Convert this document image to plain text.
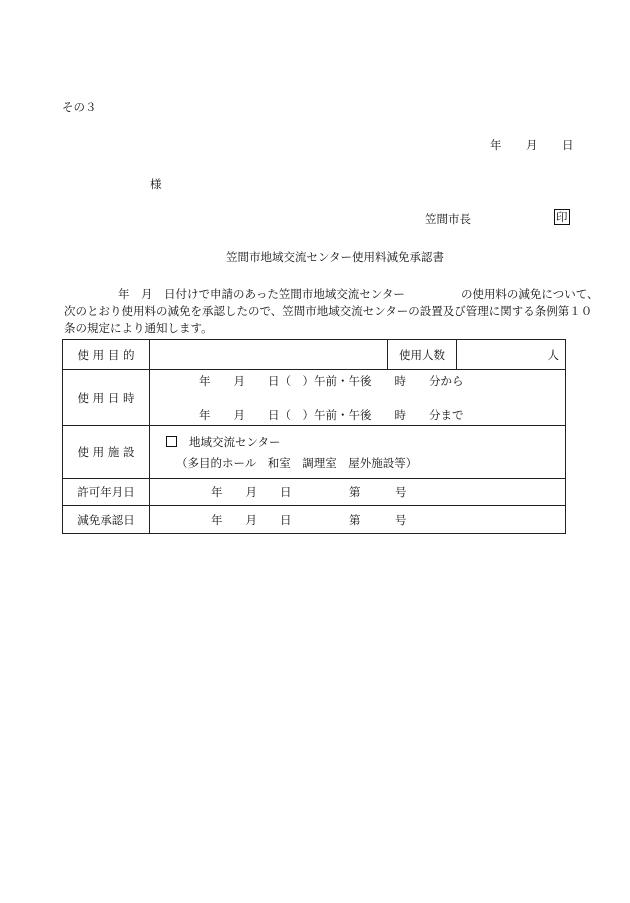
その３
年　　月　　日
様
笠間市長	印
笠間市地域交流センター使用料減免承認書
年　月　日付けで申請のあった笠間市地域交流センター	の使用料の減免について、
次のとおり使用料の減免を承認したので、笠間市地域交流センターの設置及び管理に関する条例第１０
条の規定により通知します。
使 用 目 的		使用人数	人
使 用 日 時	年　　月　　日（　）午前・午後　　時　　分から
年　　月　　日（　）午前・午後　　時　　分まで		

使 用 施 設	地域交流センター
（多目的ホール　和室　調理室　屋外施設等）		

許可年月日	年　　月　　日　　　　　第　　　号		
減免承認日	年　　月　　日　　　　　第　　　号		
